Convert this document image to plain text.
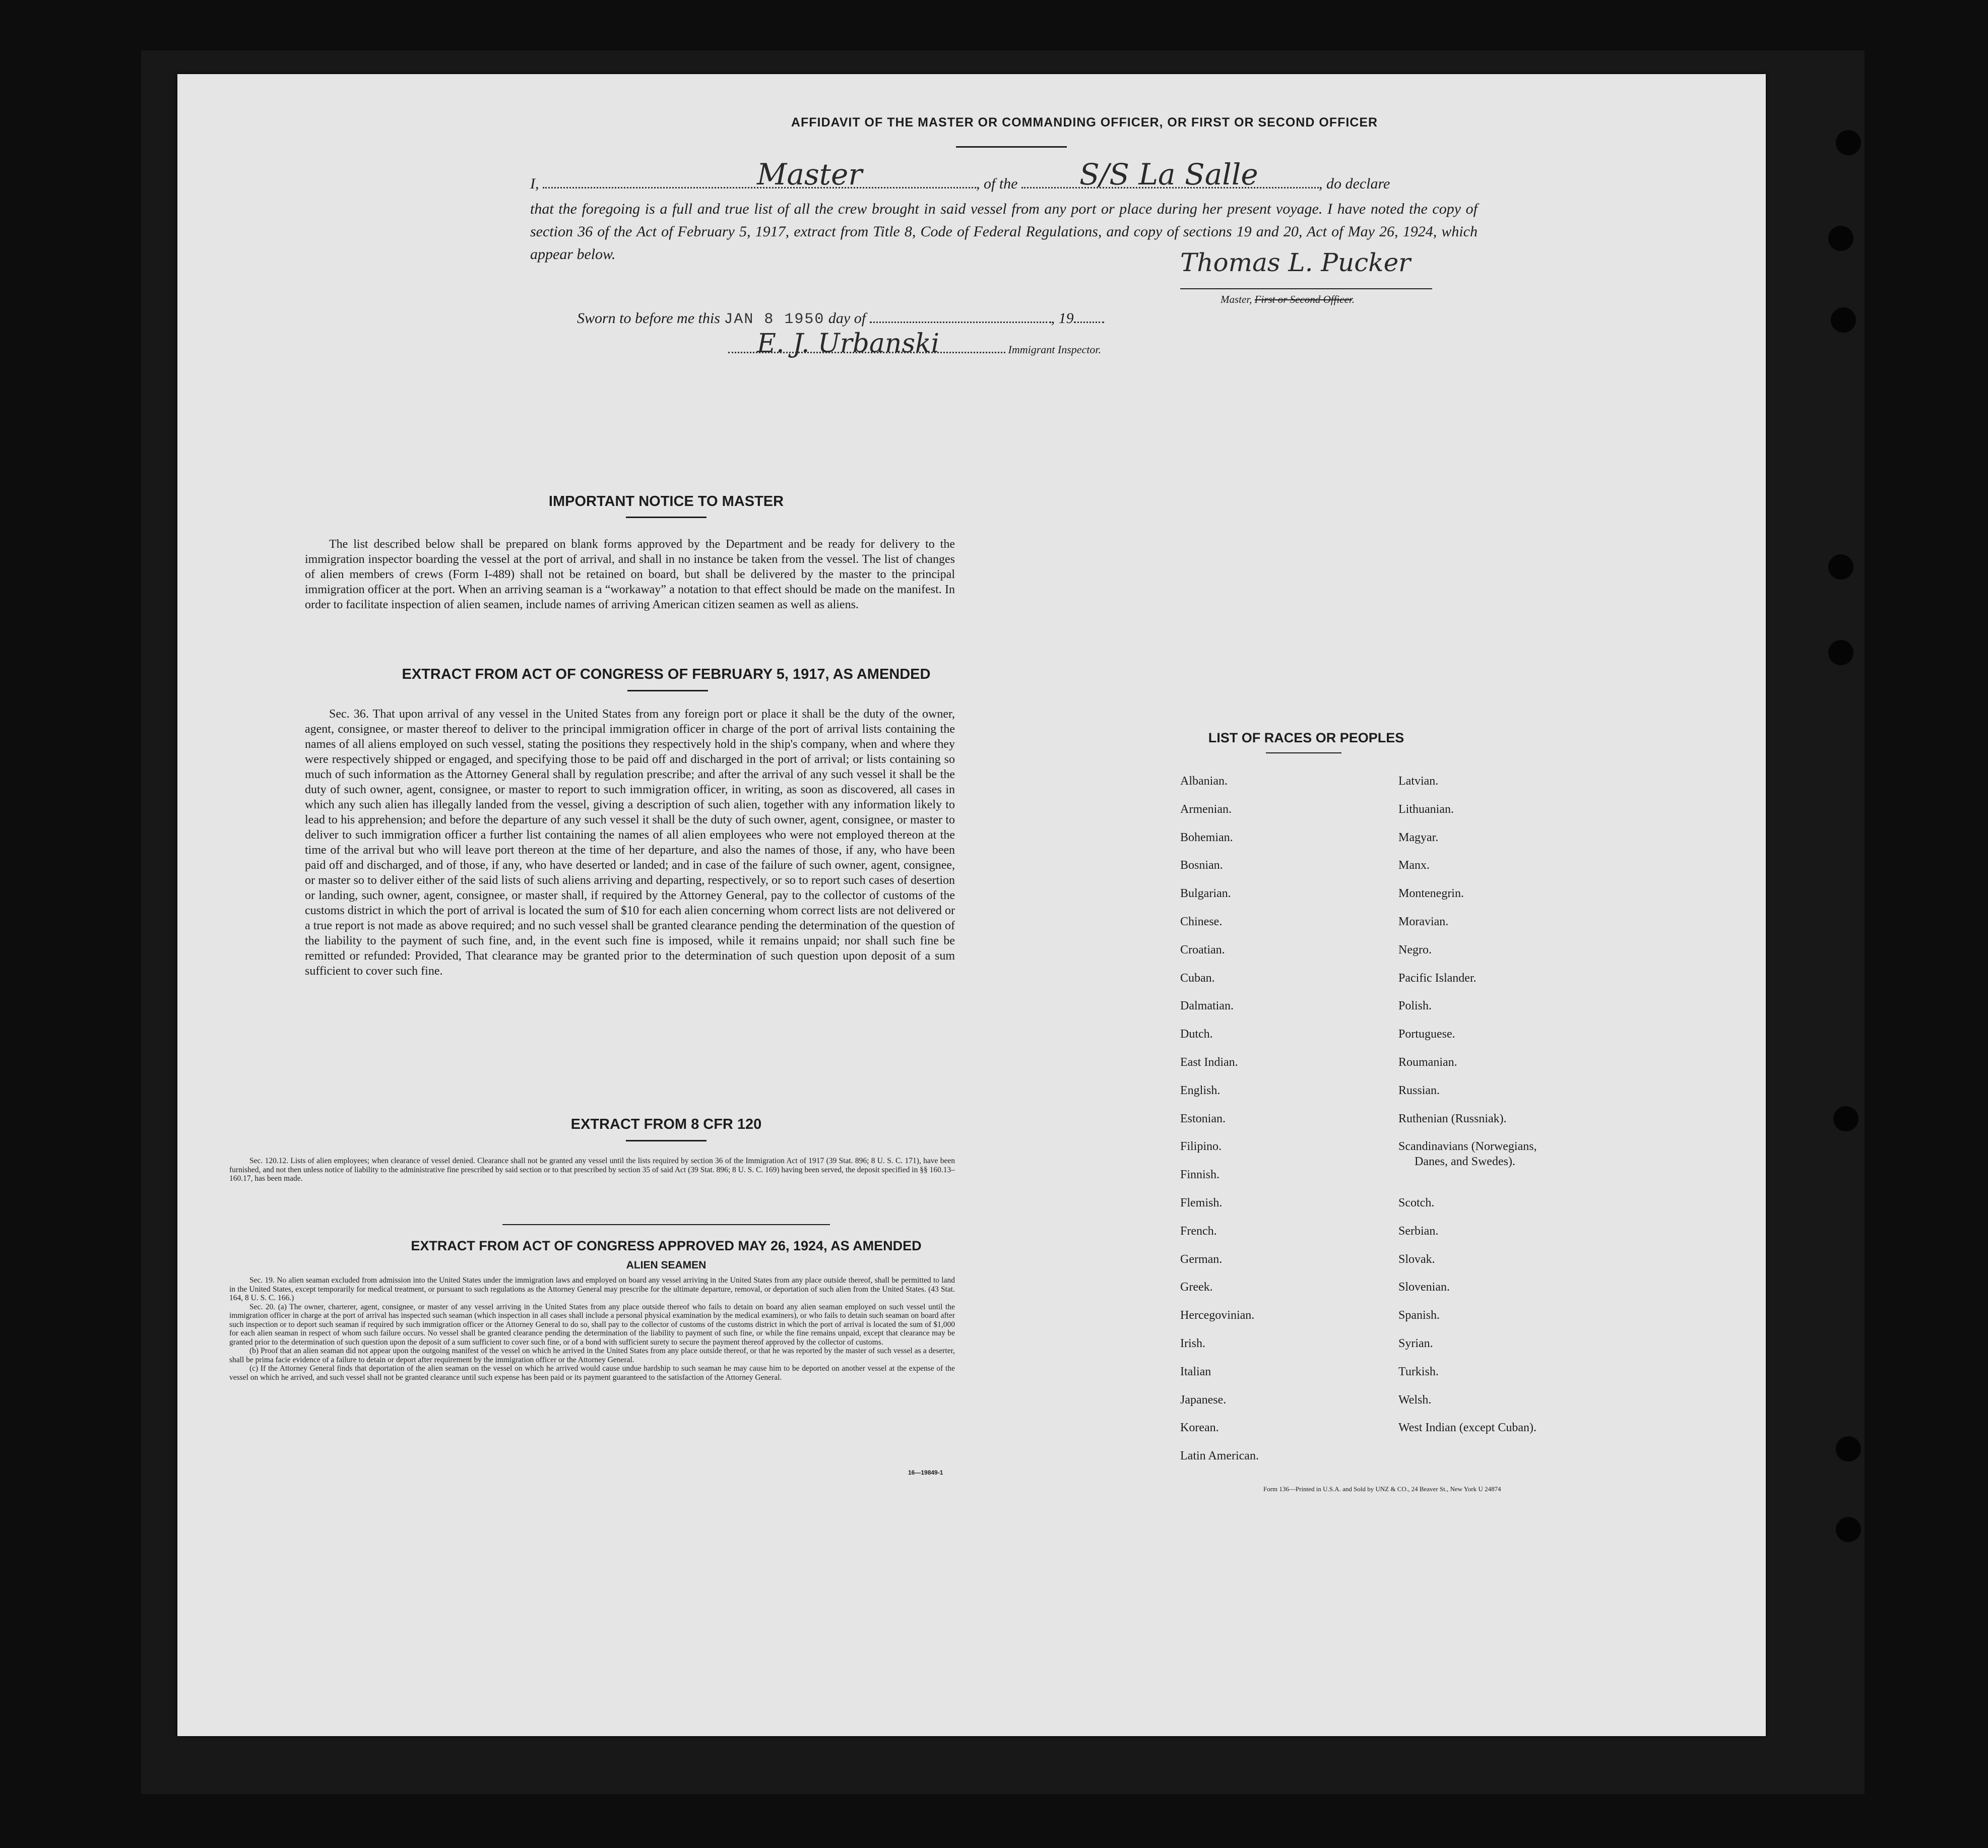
AFFIDAVIT OF THE MASTER OR COMMANDING OFFICER, OR FIRST OR SECOND OFFICER
I,	, of the	, do declare
Master	S/S La Salle
that the foregoing is a full and true list of all the crew brought in said vessel from any port or place during her present voyage. I have noted the copy of section 36 of the Act of February 5, 1917, extract from Title 8, Code of Federal Regulations, and copy of sections 19 and 20, Act of May 26, 1924, which appear below.	Thomas L. Pucker
Master, First or Second Officer.
Sworn to before me this JAN 8 1950 day of	, 19
E. J. Urbanski	Immigrant Inspector.
IMPORTANT NOTICE TO MASTER
The list described below shall be prepared on blank forms approved by the Department and be ready for delivery to the immigration inspector boarding the vessel at the port of arrival, and shall in no instance be taken from the vessel. The list of changes of alien members of crews (Form I-489) shall not be retained on board, but shall be delivered by the master to the principal immigration officer at the port. When an arriving seaman is a “workaway” a notation to that effect should be made on the manifest. In order to facilitate inspection of alien seamen, include names of arriving American citizen seamen as well as aliens.
EXTRACT FROM ACT OF CONGRESS OF FEBRUARY 5, 1917, AS AMENDED
Sec. 36. That upon arrival of any vessel in the United States from any foreign port or place it shall be the duty of the owner, agent, consignee, or master thereof to deliver to the principal immigration officer in charge of the port of arrival lists containing the names of all aliens employed on such vessel, stating the positions they respectively hold in the ship's company, when and where they were respectively shipped or engaged, and specifying those to be paid off and discharged in the port of arrival; or lists containing so much of such information as the Attorney General shall by regulation prescribe; and after the arrival of any such vessel it shall be the duty of such owner, agent, consignee, or master to report to such immigration officer, in writing, as soon as discovered, all cases in which any such alien has illegally landed from the vessel, giving a description of such alien, together with any information likely to lead to his apprehension; and before the departure of any such vessel it shall be the duty of such owner, agent, consignee, or master to deliver to such immigration officer a further list containing the names of all alien employees who were not employed thereon at the time of the arrival but who will leave port thereon at the time of her departure, and also the names of those, if any, who have been paid off and discharged, and of those, if any, who have deserted or landed; and in case of the failure of such owner, agent, consignee, or master so to deliver either of the said lists of such aliens arriving and departing, respectively, or so to report such cases of desertion or landing, such owner, agent, consignee, or master shall, if required by the Attorney General, pay to the collector of customs of the customs district in which the port of arrival is located the sum of $10 for each alien concerning whom correct lists are not delivered or a true report is not made as above required; and no such vessel shall be granted clearance pending the determination of the question of the liability to the payment of such fine, and, in the event such fine is imposed, while it remains unpaid; nor shall such fine be remitted or refunded: Provided, That clearance may be granted prior to the determination of such question upon deposit of a sum sufficient to cover such fine.
EXTRACT FROM 8 CFR 120
Sec. 120.12. Lists of alien employees; when clearance of vessel denied. Clearance shall not be granted any vessel until the lists required by section 36 of the Immigration Act of 1917 (39 Stat. 896; 8 U. S. C. 171), have been furnished, and not then unless notice of liability to the administrative fine prescribed by said section or to that prescribed by section 35 of said Act (39 Stat. 896; 8 U. S. C. 169) having been served, the deposit specified in §§ 160.13–160.17, has been made.
EXTRACT FROM ACT OF CONGRESS APPROVED MAY 26, 1924, AS AMENDED
ALIEN SEAMEN

Sec. 19. No alien seaman excluded from admission into the United States under the immigration laws and employed on board any vessel arriving in the United States from any place outside thereof, shall be permitted to land in the United States, except temporarily for medical treatment, or pursuant to such regulations as the Attorney General may prescribe for the ultimate departure, removal, or deportation of such alien from the United States. (43 Stat. 164, 8 U. S. C. 166.)

Sec. 20. (a) The owner, charterer, agent, consignee, or master of any vessel arriving in the United States from any place outside thereof who fails to detain on board any alien seaman employed on such vessel until the immigration officer in charge at the port of arrival has inspected such seaman (which inspection in all cases shall include a personal physical examination by the medical examiners), or who fails to detain such seaman on board after such inspection or to deport such seaman if required by such immigration officer or the Attorney General to do so, shall pay to the collector of customs of the customs district in which the port of arrival is located the sum of $1,000 for each alien seaman in respect of whom such failure occurs. No vessel shall be granted clearance pending the determination of the liability to payment of such fine, or while the fine remains unpaid, except that clearance may be granted prior to the determination of such question upon the deposit of a sum sufficient to cover such fine, or of a bond with sufficient surety to secure the payment thereof approved by the collector of customs.

(b) Proof that an alien seaman did not appear upon the outgoing manifest of the vessel on which he arrived in the United States from any place outside thereof, or that he was reported by the master of such vessel as a deserter, shall be prima facie evidence of a failure to detain or deport after requirement by the immigration officer or the Attorney General.

(c) If the Attorney General finds that deportation of the alien seaman on the vessel on which he arrived would cause undue hardship to such seaman he may cause him to be deported on another vessel at the expense of the vessel on which he arrived, and such vessel shall not be granted clearance until such expense has been paid or its payment guaranteed to the satisfaction of the Attorney General.

16—19849-1
LIST OF RACES OR PEOPLES
Albanian.
Armenian.
Bohemian.
Bosnian.
Bulgarian.
Chinese.
Croatian.
Cuban.
Dalmatian.
Dutch.
East Indian.
English.
Estonian.
Filipino.
Finnish.
Flemish.
French.
German.
Greek.
Hercegovinian.
Irish.
Italian
Japanese.
Korean.
Latin American.
Latvian.
Lithuanian.
Magyar.
Manx.
Montenegrin.
Moravian.
Negro.
Pacific Islander.
Polish.
Portuguese.
Roumanian.
Russian.
Ruthenian (Russniak).
Scandinavians (Norwegians,
Danes, and Swedes).
Scotch.
Serbian.
Slovak.
Slovenian.
Spanish.
Syrian.
Turkish.
Welsh.
West Indian (except Cuban).
Form 136—Printed in U.S.A. and Sold by UNZ & CO., 24 Beaver St., New York U 24874
